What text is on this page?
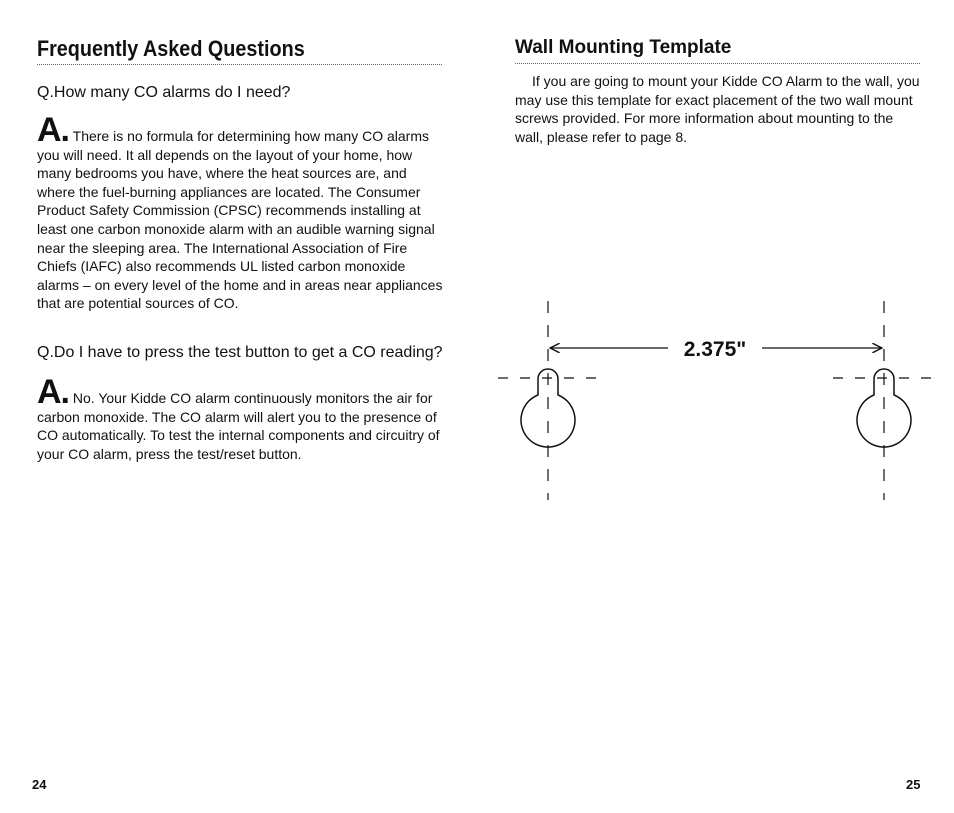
Frequently Asked Questions
Q.How many CO alarms do I need?

A. There is no formula for determining how many CO alarms you will need. It all depends on the layout of your home, how many bedrooms you have, where the heat sources are, and where the fuel-burning appliances are located. The Consumer Product Safety Commission (CPSC) recommends installing at least one carbon monoxide alarm with an audible warning signal near the sleeping area. The International Association of Fire Chiefs (IAFC) also recommends UL listed carbon monoxide alarms – on every level of the home and in areas near appliances that are potential sources of CO.

Q.Do I have to press the test button to get a CO reading?

A. No. Your Kidde CO alarm continuously monitors the air for carbon monoxide. The CO alarm will alert you to the presence of CO automatically. To test the internal components and circuitry of your CO alarm, press the test/reset button.

24
Wall Mounting Template

If you are going to mount your Kidde CO Alarm to the wall, you may use this template for exact placement of the two wall mount screws provided. For more information about mounting to the wall, please refer to page 8.

25
2.375"
